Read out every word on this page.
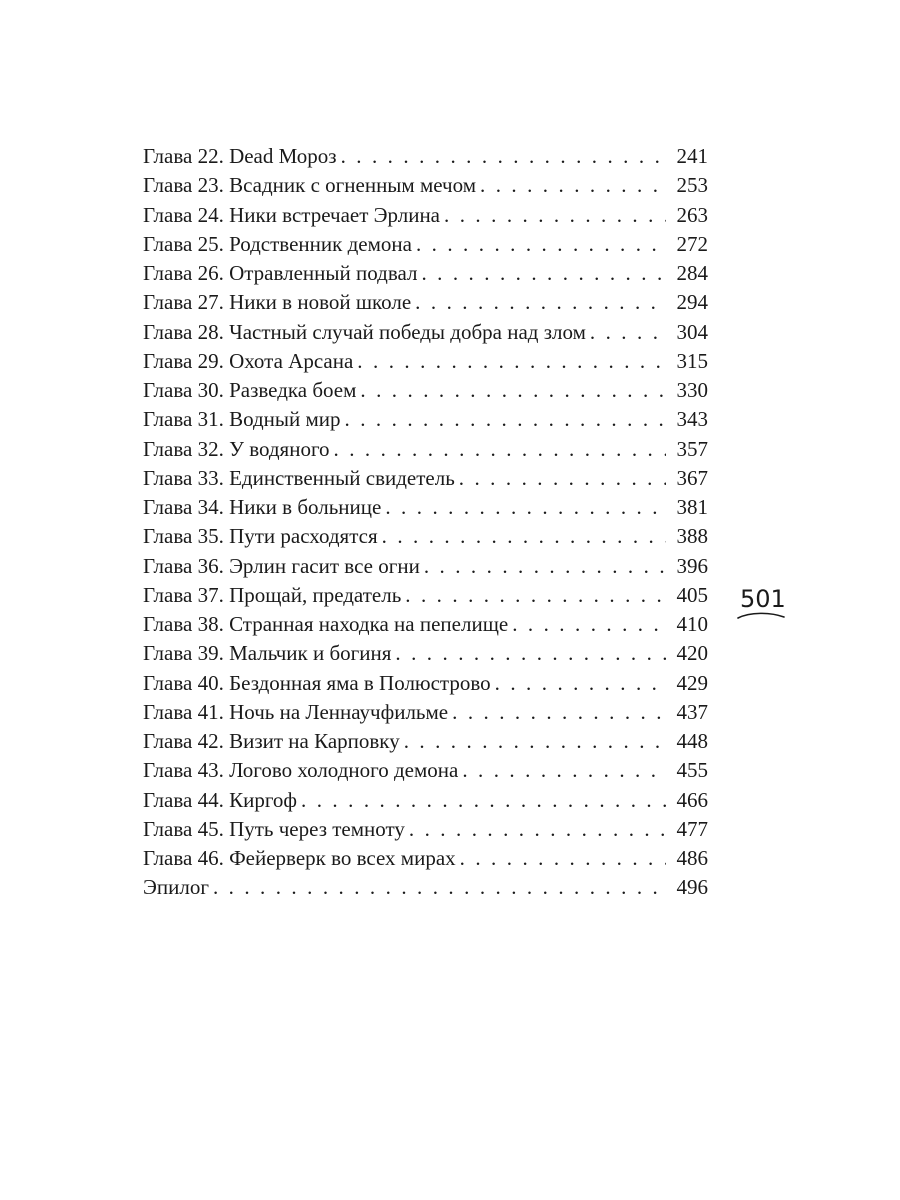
Глава 22. Dead Мороз . . .	241
Глава 23. Всадник с огненным мечом . . .	253
Глава 24. Ники встречает Эрлина . . .	263
Глава 25. Родственник демона . . .	272
Глава 26. Отравленный подвал . . .	284
Глава 27. Ники в новой школе . . .	294
Глава 28. Частный случай победы добра над злом . . .	304
Глава 29. Охота Арсана . . .	315
Глава 30. Разведка боем . . .	330
Глава 31. Водный мир . . .	343
Глава 32. У водяного . . .	357
Глава 33. Единственный свидетель . . .	367
Глава 34. Ники в больнице . . .	381
Глава 35. Пути расходятся . . .	388
Глава 36. Эрлин гасит все огни . . .	396
Глава 37. Прощай, предатель . . .	405
Глава 38. Странная находка на пепелище . . .	410
Глава 39. Мальчик и богиня . . .	420
Глава 40. Бездонная яма в Полюстрово . . .	429
Глава 41. Ночь на Леннаучфильме . . .	437
Глава 42. Визит на Карповку . . .	448
Глава 43. Логово холодного демона . . .	455
Глава 44. Киргоф . . .	466
Глава 45. Путь через темноту . . .	477
Глава 46. Фейерверк во всех мирах . . .	486
Эпилог . . .	496
501
